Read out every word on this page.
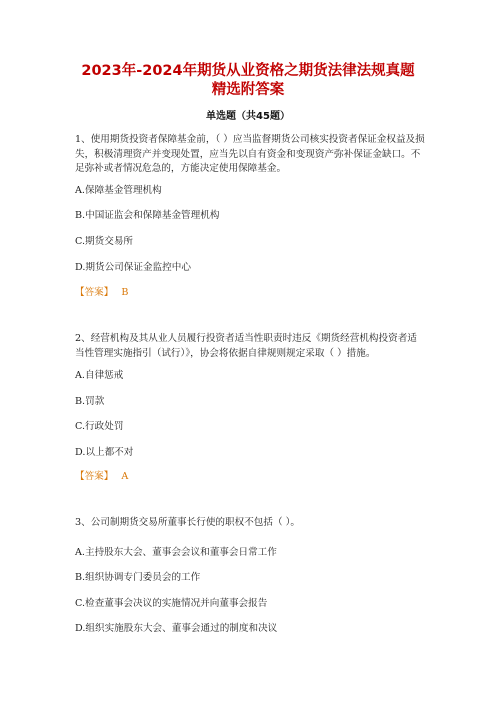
2023年-2024年期货从业资格之期货法律法规真题
精选附答案
单选题（共45题）

1、使用期货投资者保障基金前，（ ）应当监督期货公司核实投资者保证金权益及损失，积极清理资产并变现处置，应当先以自有资金和变现资产弥补保证金缺口。不足弥补或者情况危急的，方能决定使用保障基金。

A.保障基金管理机构
B.中国证监会和保障基金管理机构
C.期货交易所
D.期货公司保证金监控中心
【答案】 B

2、经营机构及其从业人员履行投资者适当性职责时违反《期货经营机构投资者适当性管理实施指引（试行）》，协会将依据自律规则规定采取（ ）措施。

A.自律惩戒
B.罚款
C.行政处罚
D.以上都不对
【答案】 A

3、公司制期货交易所董事长行使的职权不包括（ ）。

A.主持股东大会、董事会会议和董事会日常工作
B.组织协调专门委员会的工作
C.检查董事会决议的实施情况并向董事会报告
D.组织实施股东大会、董事会通过的制度和决议
